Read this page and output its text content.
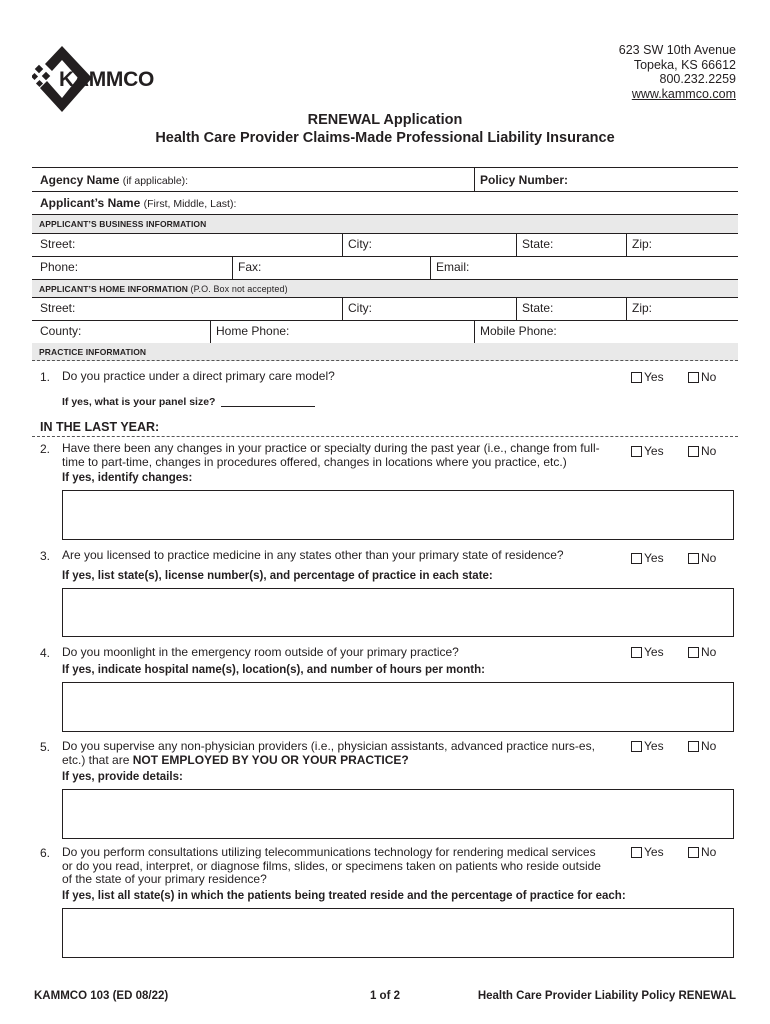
KAMMCO
623 SW 10th Avenue
Topeka, KS 66612
800.232.2259
www.kammco.com
RENEWAL Application
Health Care Provider Claims-Made Professional Liability Insurance
Agency Name (if applicable):	Policy Number:
Applicant’s Name (First, Middle, Last):
APPLICANT’S BUSINESS INFORMATION
Street:	City:	State:	Zip:
Phone:	Fax:	Email:
APPLICANT’S HOME INFORMATION (P.O. Box not accepted)
Street:	City:	State:	Zip:
County:	Home Phone:	Mobile Phone:
PRACTICE INFORMATION
1. Do you practice under a direct primary care model?	Yes	No
If yes, what is your panel size?
IN THE LAST YEAR:
2. Have there been any changes in your practice or specialty during the past year (i.e., change from full-time to part-time, changes in procedures offered, changes in locations where you practice, etc.)
Yes	No
If yes, identify changes:
3. Are you licensed to practice medicine in any states other than your primary state of residence?	Yes	No
If yes, list state(s), license number(s), and percentage of practice in each state:
4. Do you moonlight in the emergency room outside of your primary practice?	Yes	No
If yes, indicate hospital name(s), location(s), and number of hours per month:
5. Do you supervise any non-physician providers (i.e., physician assistants, advanced practice nurs-es, etc.) that are NOT EMPLOYED BY YOU OR YOUR PRACTICE?
Yes	No
If yes, provide details:
6. Do you perform consultations utilizing telecommunications technology for rendering medical services or do you read, interpret, or diagnose films, slides, or specimens taken on patients who reside outside of the state of your primary residence?
Yes	No
If yes, list all state(s) in which the patients being treated reside and the percentage of practice for each:
KAMMCO 103 (ED 08/22)	1 of 2	Health Care Provider Liability Policy RENEWAL
